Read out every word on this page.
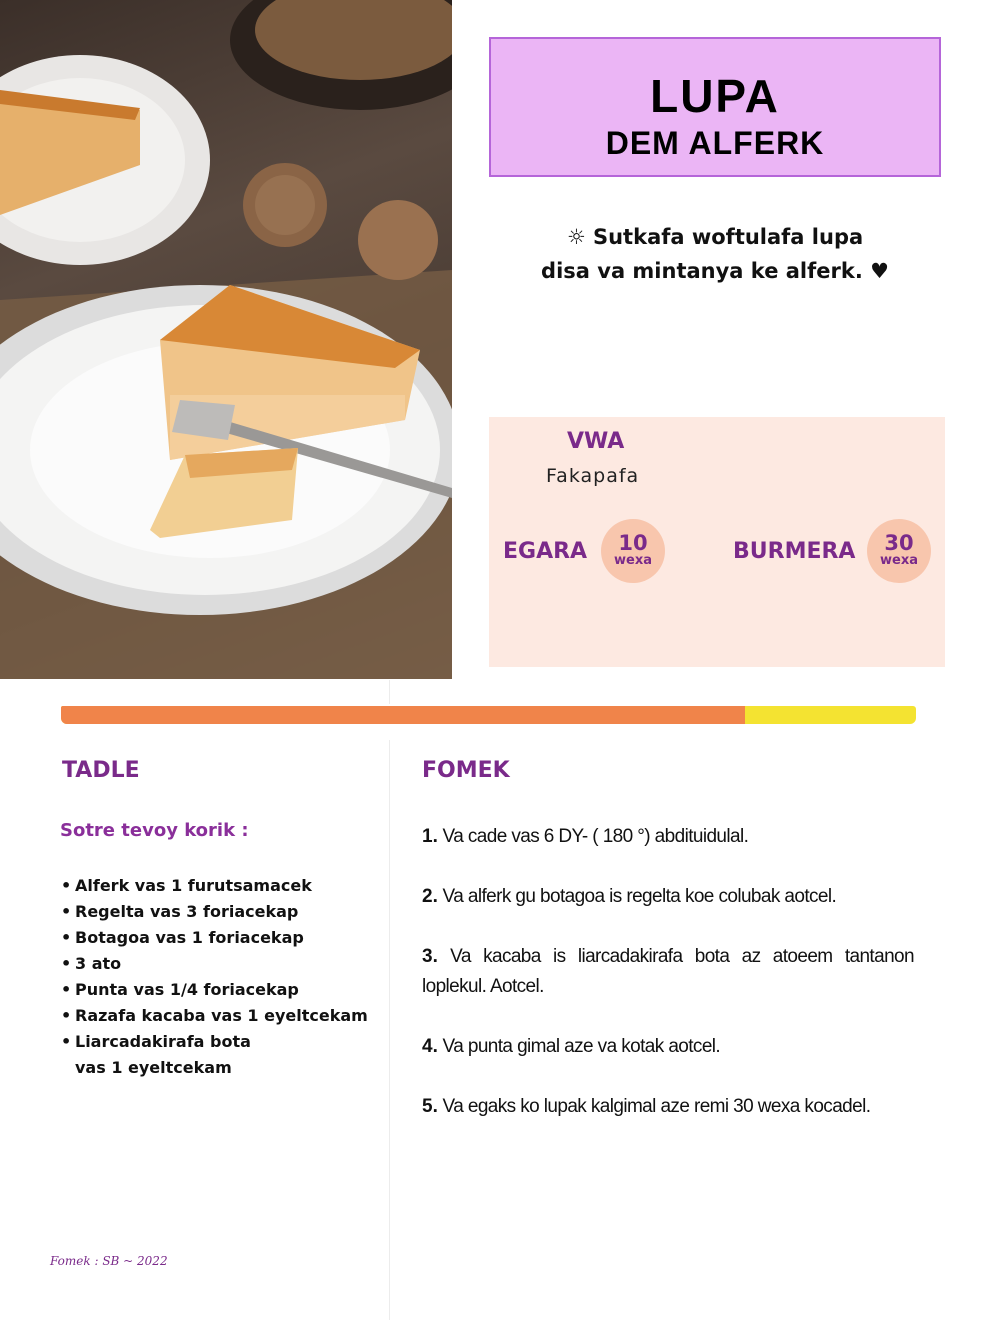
LUPA
DEM ALFERK
☼ Sutkafa woftulafa lupa
disa va mintanya ke alferk. ♥
VWA
Fakapafa
EGARA	10
wexa	BURMERA	30
wexa
TADLE
Sotre tevoy korik :
• Alferk vas 1 furutsamacek
• Regelta vas 3 foriacekap
• Botagoa vas 1 foriacekap
• 3 ato
• Punta vas 1/4 foriacekap
• Razafa kacaba vas 1 eyeltcekam
• Liarcadakirafa bota
vas 1 eyeltcekam
FOMEK

1. Va cade vas 6 DY- ( 180 °) abdituidulal.

2. Va alferk gu botagoa is regelta koe colubak aotcel.

3. Va kacaba is liarcadakirafa bota az atoeem tantanon loplekul. Aotcel.

4. Va punta gimal aze va kotak aotcel.

5. Va egaks ko lupak kalgimal aze remi 30 wexa kocadel.

Fomek : SB ~ 2022
